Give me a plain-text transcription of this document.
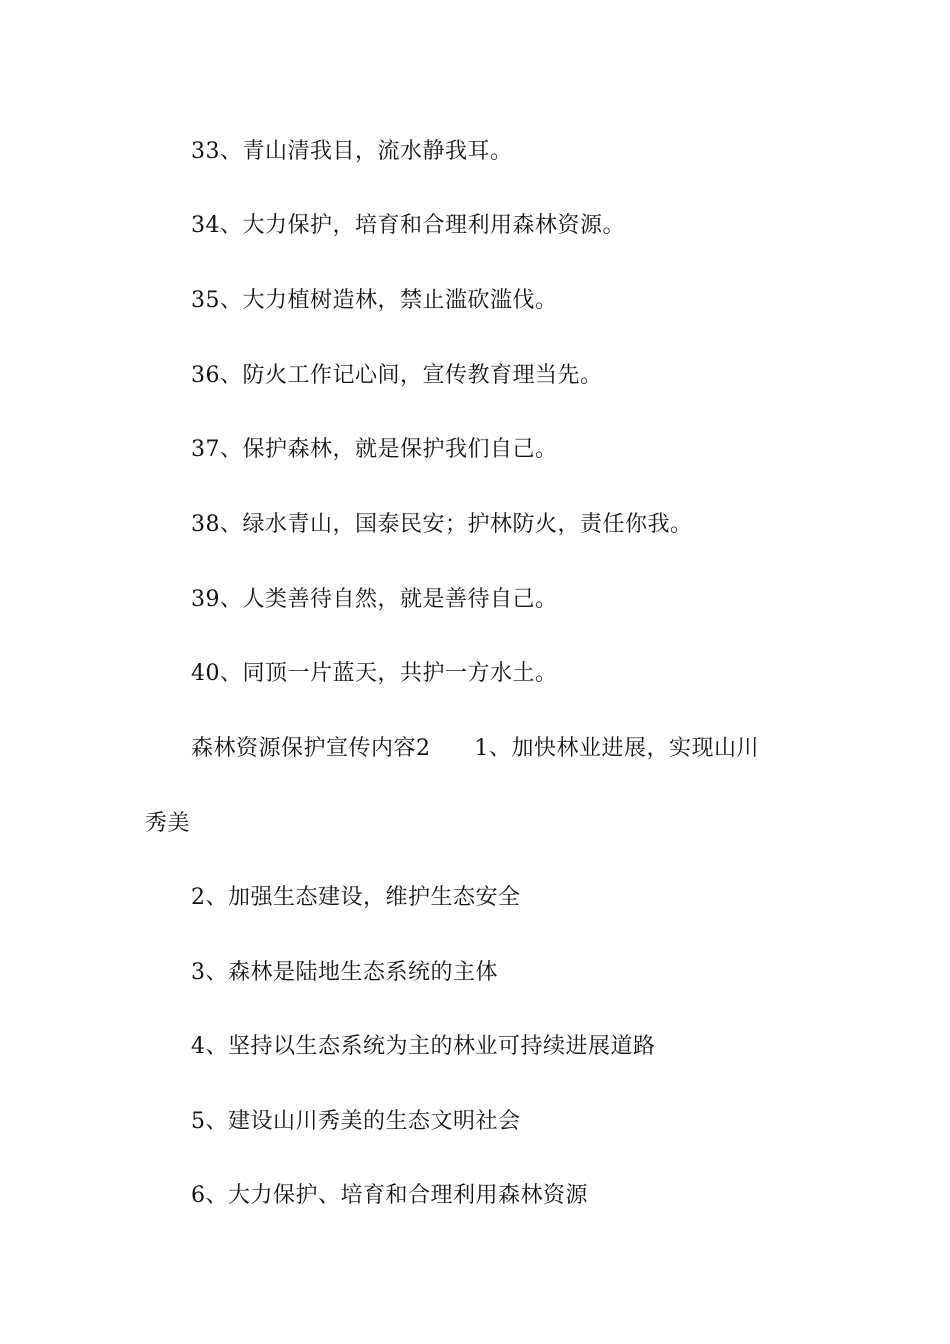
33、青山清我目，流水静我耳。
34、大力保护，培育和合理利用森林资源。
35、大力植树造林，禁止滥砍滥伐。
36、防火工作记心间，宣传教育理当先。
37、保护森林，就是保护我们自己。
38、绿水青山，国泰民安；护林防火，责任你我。
39、人类善待自然，就是善待自己。
40、同顶一片蓝天，共护一方水土。
森林资源保护宣传内容2 1、加快林业进展，实现山川
秀美
2、加强生态建设，维护生态安全
3、森林是陆地生态系统的主体
4、坚持以生态系统为主的林业可持续进展道路
5、建设山川秀美的生态文明社会
6、大力保护、培育和合理利用森林资源
